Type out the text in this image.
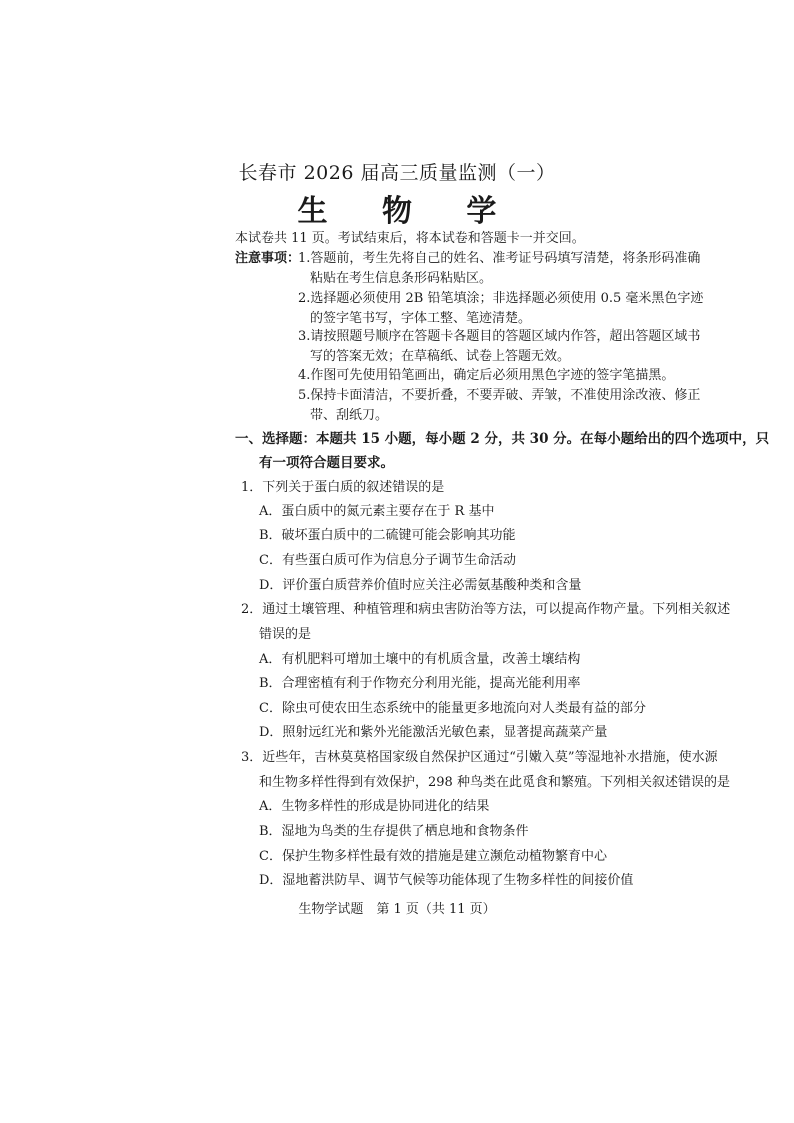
长春市 2026 届高三质量监测（一）
生 物 学
本试卷共 11 页。考试结束后，将本试卷和答题卡一并交回。
注意事项：
1.答题前，考生先将自己的姓名、准考证号码填写清楚，将条形码准确
粘贴在考生信息条形码粘贴区。
2.选择题必须使用 2B 铅笔填涂；非选择题必须使用 0.5 毫米黑色字迹
的签字笔书写，字体工整、笔迹清楚。
3.请按照题号顺序在答题卡各题目的答题区域内作答，超出答题区域书
写的答案无效；在草稿纸、试卷上答题无效。
4.作图可先使用铅笔画出，确定后必须用黑色字迹的签字笔描黑。
5.保持卡面清洁，不要折叠，不要弄破、弄皱，不准使用涂改液、修正
带、刮纸刀。
一、选择题：本题共 15 小题，每小题 2 分，共 30 分。在每小题给出的四个选项中，只
有一项符合题目要求。
1．下列关于蛋白质的叙述错误的是
A．蛋白质中的氮元素主要存在于 R 基中
B．破坏蛋白质中的二硫键可能会影响其功能
C．有些蛋白质可作为信息分子调节生命活动
D．评价蛋白质营养价值时应关注必需氨基酸种类和含量
2．通过土壤管理、种植管理和病虫害防治等方法，可以提高作物产量。下列相关叙述
错误的是
A．有机肥料可增加土壤中的有机质含量，改善土壤结构
B．合理密植有利于作物充分利用光能，提高光能利用率
C．除虫可使农田生态系统中的能量更多地流向对人类最有益的部分
D．照射远红光和紫外光能激活光敏色素，显著提高蔬菜产量
3．近些年，吉林莫莫格国家级自然保护区通过“引嫩入莫”等湿地补水措施，使水源
和生物多样性得到有效保护，298 种鸟类在此觅食和繁殖。下列相关叙述错误的是
A．生物多样性的形成是协同进化的结果
B．湿地为鸟类的生存提供了栖息地和食物条件
C．保护生物多样性最有效的措施是建立濒危动植物繁育中心
D．湿地蓄洪防旱、调节气候等功能体现了生物多样性的间接价值
生物学试题　第 1 页（共 11 页）
